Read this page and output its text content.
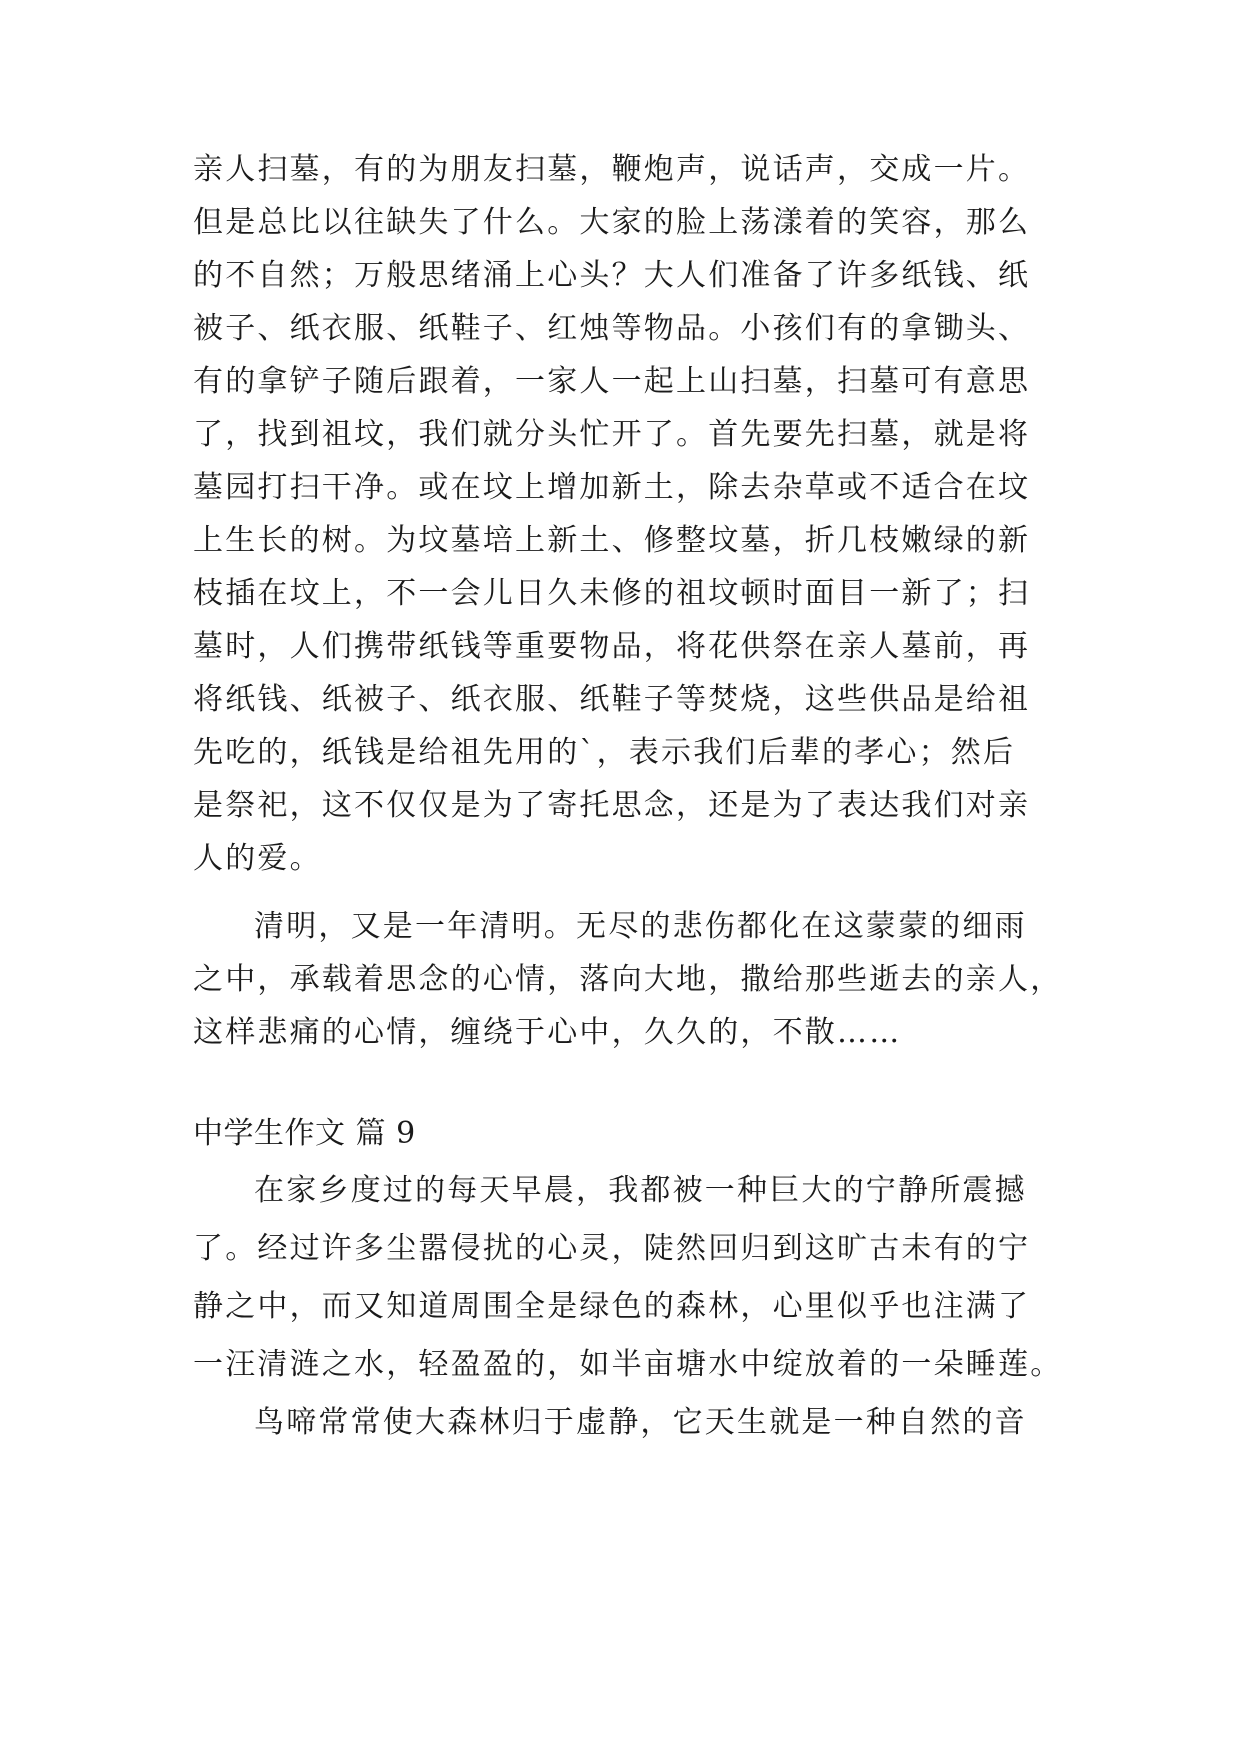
亲人扫墓，有的为朋友扫墓，鞭炮声，说话声，交成一片。
但是总比以往缺失了什么。大家的脸上荡漾着的笑容，那么
的不自然；万般思绪涌上心头？大人们准备了许多纸钱、纸
被子、纸衣服、纸鞋子、红烛等物品。小孩们有的拿锄头、
有的拿铲子随后跟着，一家人一起上山扫墓，扫墓可有意思
了，找到祖坟，我们就分头忙开了。首先要先扫墓，就是将
墓园打扫干净。或在坟上增加新土，除去杂草或不适合在坟
上生长的树。为坟墓培上新土、修整坟墓，折几枝嫩绿的新
枝插在坟上，不一会儿日久未修的祖坟顿时面目一新了；扫
墓时，人们携带纸钱等重要物品，将花供祭在亲人墓前，再
将纸钱、纸被子、纸衣服、纸鞋子等焚烧，这些供品是给祖
先吃的，纸钱是给祖先用的`，表示我们后辈的孝心；然后
是祭祀，这不仅仅是为了寄托思念，还是为了表达我们对亲
人的爱。
清明，又是一年清明。无尽的悲伤都化在这蒙蒙的细雨
之中，承载着思念的心情，落向大地，撒给那些逝去的亲人，
这样悲痛的心情，缠绕于心中，久久的，不散……
中学生作文 篇 9
在家乡度过的每天早晨，我都被一种巨大的宁静所震撼
了。经过许多尘嚣侵扰的心灵，陡然回归到这旷古未有的宁
静之中，而又知道周围全是绿色的森林，心里似乎也注满了
一汪清涟之水，轻盈盈的，如半亩塘水中绽放着的一朵睡莲。
鸟啼常常使大森林归于虚静，它天生就是一种自然的音
